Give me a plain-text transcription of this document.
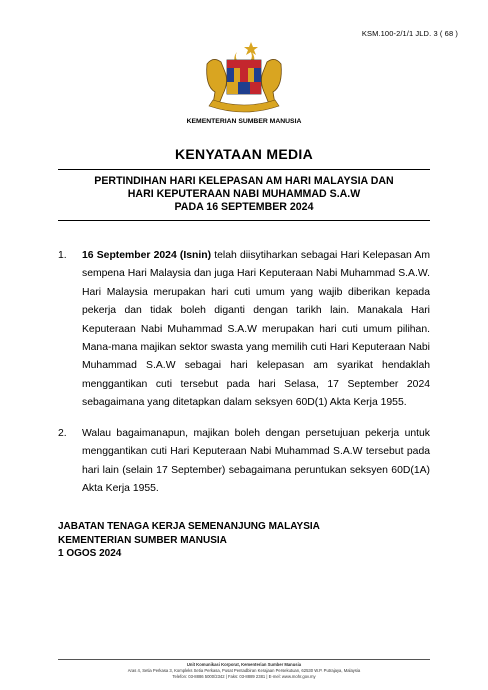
KSM.100-2/1/1 JLD. 3 ( 68 )
KEMENTERIAN SUMBER MANUSIA
KENYATAAN MEDIA
PERTINDIHAN HARI KELEPASAN AM HARI MALAYSIA DAN
HARI KEPUTERAAN NABI MUHAMMAD S.A.W
PADA 16 SEPTEMBER 2024
1. 16 September 2024 (Isnin) telah diisytiharkan sebagai Hari Kelepasan Am sempena Hari Malaysia dan juga Hari Keputeraan Nabi Muhammad S.A.W. Hari Malaysia merupakan hari cuti umum yang wajib diberikan kepada pekerja dan tidak boleh diganti dengan tarikh lain. Manakala Hari Keputeraan Nabi Muhammad S.A.W merupakan hari cuti umum pilihan. Mana-mana majikan sektor swasta yang memilih cuti Hari Keputeraan Nabi Muhammad S.A.W sebagai hari kelepasan am syarikat hendaklah menggantikan cuti tersebut pada hari Selasa, 17 September 2024 sebagaimana yang ditetapkan dalam seksyen 60D(1) Akta Kerja 1955.
2. Walau bagaimanapun, majikan boleh dengan persetujuan pekerja untuk menggantikan cuti Hari Keputeraan Nabi Muhammad S.A.W tersebut pada hari lain (selain 17 September) sebagaimana peruntukan seksyen 60D(1A) Akta Kerja 1955.
JABATAN TENAGA KERJA SEMENANJUNG MALAYSIA
KEMENTERIAN SUMBER MANUSIA
1 OGOS 2024
Unit Komunikasi Korporat, Kementerian Sumber Manusia
Aras 4, Setia Perkasa 3, Kompleks Setia Perkasa, Pusat Pentadbiran Kerajaan Persekutuan, 62530 W.P. Putrajaya, Malaysia
Telefon: 03-8886 5000/2342 | Faks: 03-8889 2381 | E-mel: www.mohr.gov.my
